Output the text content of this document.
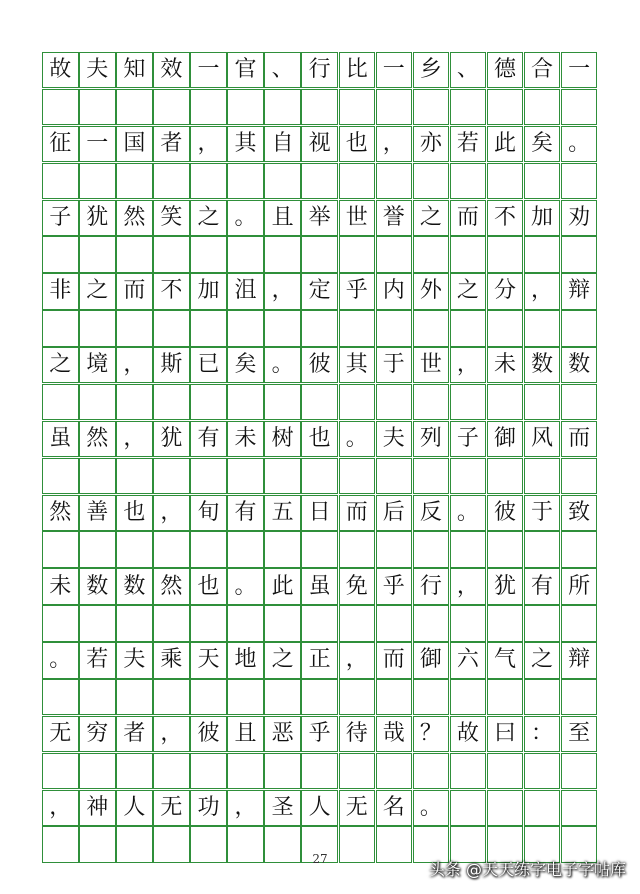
故 夫 知 效 一 官 、 行 比 一 乡 、 德 合 一
征 一 国 者 ， 其 自 视 也 ， 亦 若 此 矣 。
子 犹 然 笑 之 。 且 举 世 誉 之 而 不 加 劝
非 之 而 不 加 沮 ， 定 乎 内 外 之 分 ， 辩
之 境 ， 斯 已 矣 。 彼 其 于 世 ， 未 数 数
虽 然 ， 犹 有 未 树 也 。 夫 列 子 御 风 而
然 善 也 ， 旬 有 五 日 而 后 反 。 彼 于 致
未 数 数 然 也 。 此 虽 免 乎 行 ， 犹 有 所
。 若 夫 乘 天 地 之 正 ， 而 御 六 气 之 辩
无 穷 者 ， 彼 且 恶 乎 待 哉 ？ 故 曰 ： 至
， 神 人 无 功 ， 圣 人 无 名 。
27
头条 @天天练字电子字帖库
